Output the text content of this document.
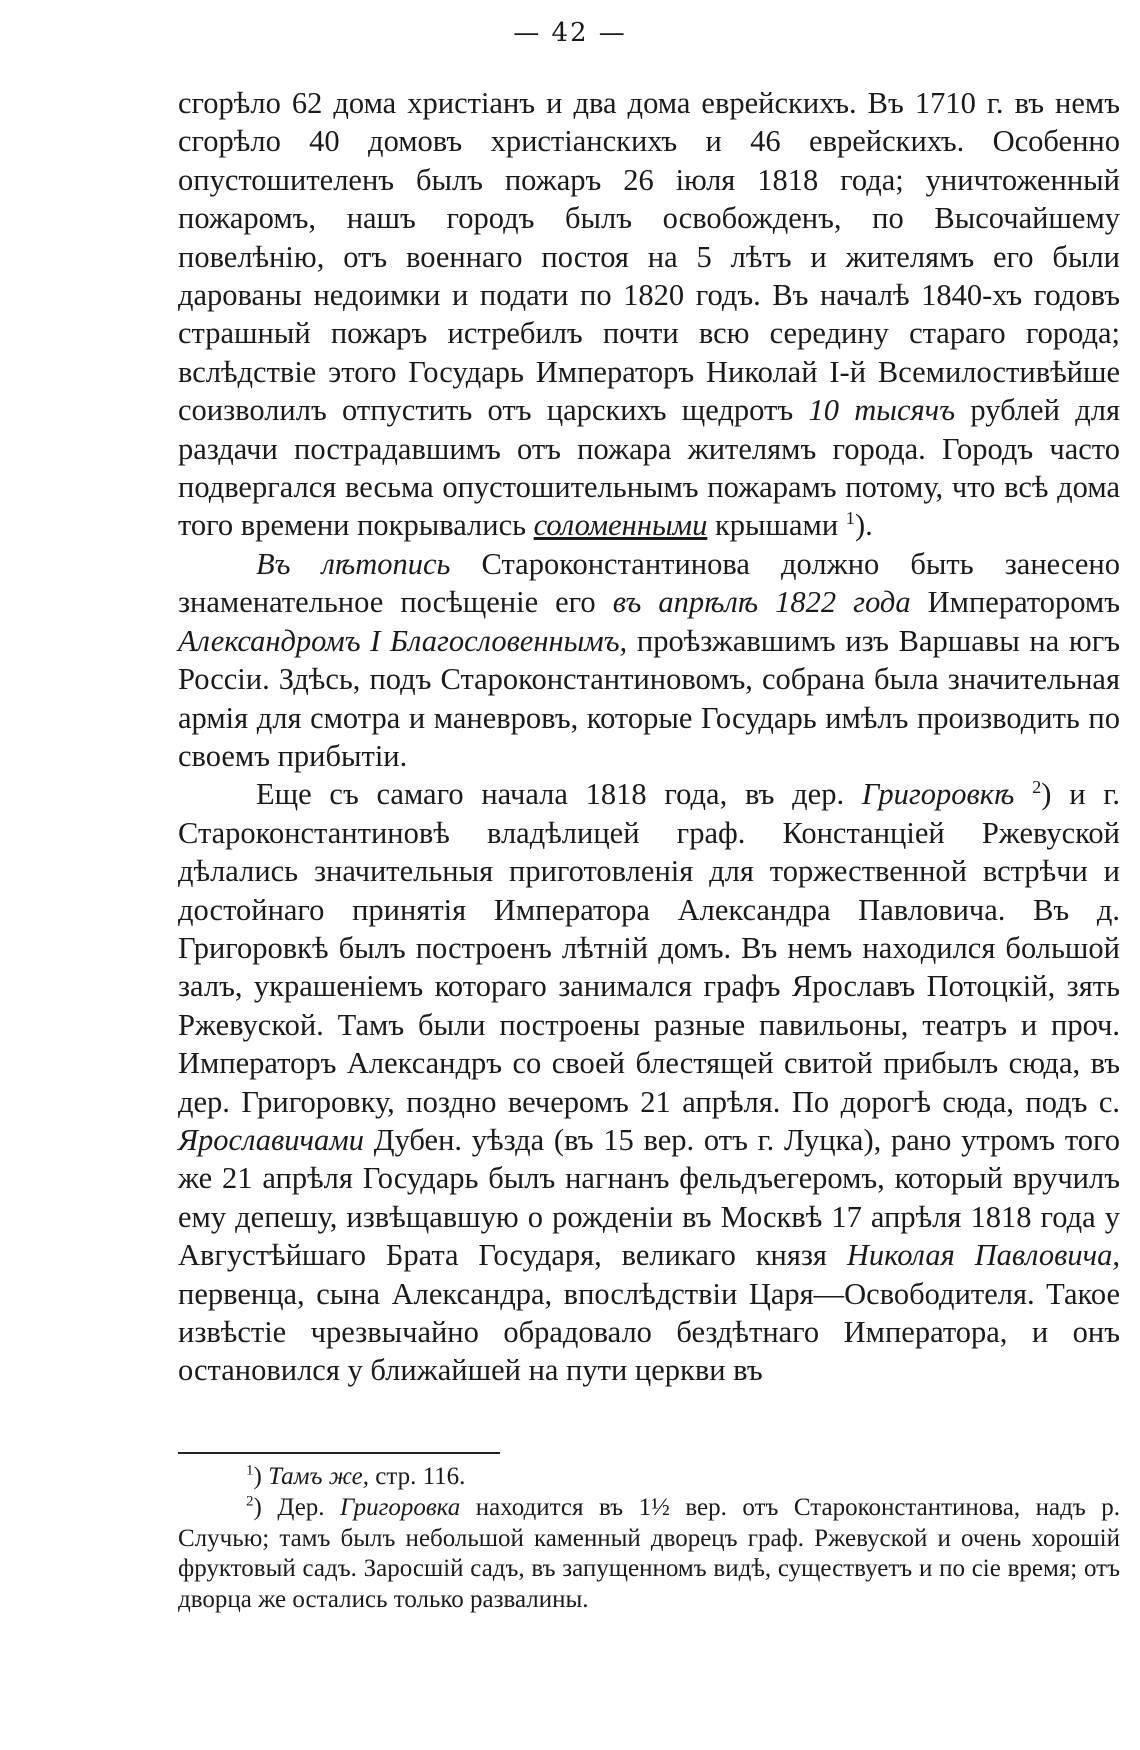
— 42 —

сгорѣло 62 дома христіанъ и два дома еврейскихъ. Въ 1710 г. въ немъ сгорѣло 40 домовъ христіанскихъ и 46 еврейскихъ. Особенно опустошителенъ былъ пожаръ 26 іюля 1818 года; уничтоженный пожаромъ, нашъ городъ былъ освобожденъ, по Высочайшему повелѣнію, отъ военнаго постоя на 5 лѣтъ и жителямъ его были дарованы недоимки и подати по 1820 годъ. Въ началѣ 1840-хъ годовъ страшный пожаръ истребилъ почти всю середину стараго города; вслѣдствіе этого Государь Императоръ Николай I-й Всемилостивѣйше соизволилъ отпустить отъ царскихъ щедротъ 10 тысячъ рублей для раздачи пострадавшимъ отъ пожара жителямъ города. Городъ часто подвергался весьма опустошительнымъ пожарамъ потому, что всѣ дома того времени покрывались соломенными крышами $^1$).

Въ лѣтопись Староконстантинова должно быть занесено знаменательное посѣщеніе его въ апрѣлѣ 1822 года Императоромъ Александромъ I Благословеннымъ, проѣзжавшимъ изъ Варшавы на югъ Россіи. Здѣсь, подъ Староконстантиновомъ, собрана была значительная армія для смотра и маневровъ, которые Государь имѣлъ производить по своемъ прибытіи.

Еще съ самаго начала 1818 года, въ дер. Григоровкѣ $^2$) и г. Староконстантиновѣ владѣлицей граф. Констанціей Ржевуской дѣлались значительныя приготовленія для торжественной встрѣчи и достойнаго принятія Императора Александра Павловича. Въ д. Григоровкѣ былъ построенъ лѣтній домъ. Въ немъ находился большой залъ, украшеніемъ котораго занимался графъ Ярославъ Потоцкій, зять Ржевуской. Тамъ были построены разные павильоны, театръ и проч. Императоръ Александръ со своей блестящей свитой прибылъ сюда, въ дер. Григоровку, поздно вечеромъ 21 апрѣля. По дорогѣ сюда, подъ с. Ярославичами Дубен. уѣзда (въ 15 вер. отъ г. Луцка), рано утромъ того же 21 апрѣля Государь былъ нагнанъ фельдъегеромъ, который вручилъ ему депешу, извѣщавшую о рожденіи въ Москвѣ 17 апрѣля 1818 года у Августѣйшаго Брата Государя, великаго князя Николая Павловича, первенца, сына Александра, впослѣдствіи Царя—Освободителя. Такое извѣстіе чрезвычайно обрадовало бездѣтнаго Императора, и онъ остановился у ближайшей на пути церкви въ

$^1$) Тамъ же, стр. 116.

$^2$) Дер. Григоровка находится въ 1½ вер. отъ Староконстантинова, надъ р. Случью; тамъ былъ небольшой каменный дворецъ граф. Ржевуской и очень хорошій фруктовый садъ. Заросшій садъ, въ запущенномъ видѣ, существуетъ и по сіе время; отъ дворца же остались только развалины.
